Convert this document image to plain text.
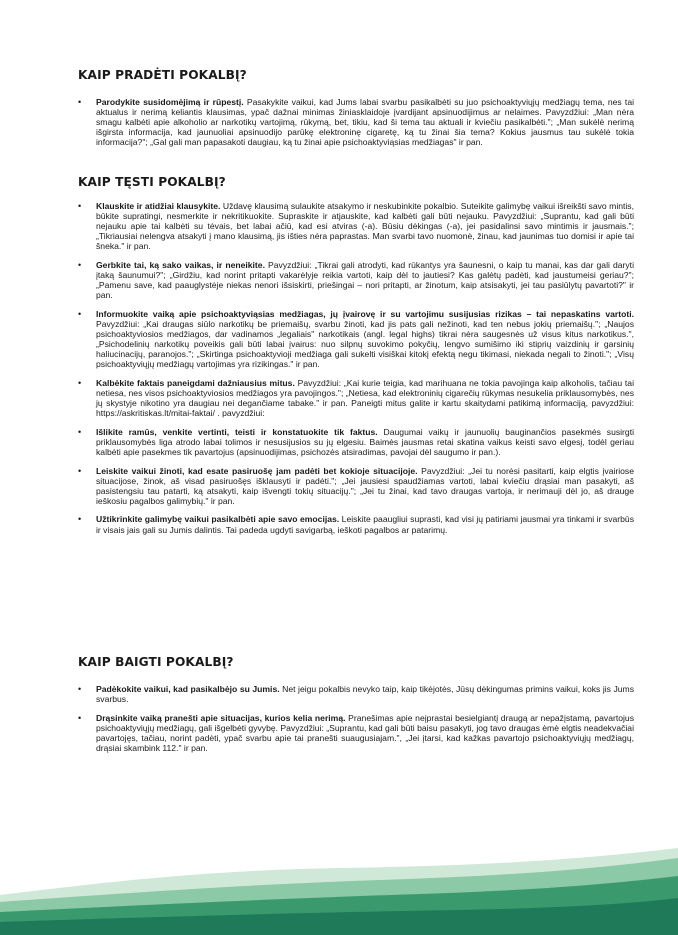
KAIP PRADĖTI POKALBĮ?
• Parodykite susidomėjimą ir rūpestį. Pasakykite vaikui, kad Jums labai svarbu pasikalbėti su juo psichoaktyviųjų medžiagų tema, nes tai aktualus ir nerimą keliantis klausimas, ypač dažnai minimas žiniasklaidoje įvardijant apsinuodijimus ar nelaimes. Pavyzdžiui: „Man nėra smagu kalbėti apie alkoholio ar narkotikų vartojimą, rūkymą, bet, tikiu, kad ši tema tau aktuali ir kviečiu pasikalbėti."; „Man sukėlė nerimą išgirsta informacija, kad jaunuoliai apsinuodijo parūkę elektroninę cigaretę, ką tu žinai šia tema? Kokius jausmus tau sukėlė tokia informacija?"; „Gal gali man papasakoti daugiau, ką tu žinai apie psichoaktyviąsias medžiagas" ir pan.
KAIP TĘSTI POKALBĮ?
• Klauskite ir atidžiai klausykite. Uždavę klausimą sulaukite atsakymo ir neskubinkite pokalbio. Suteikite galimybę vaikui išreikšti savo mintis, būkite supratingi, nesmerkite ir nekritikuokite. Supraskite ir atjauskite, kad kalbėti gali būti nejauku. Pavyzdžiui: „Suprantu, kad gali būti nejauku apie tai kalbėti su tėvais, bet labai ačiū, kad esi atviras (-a). Būsiu dėkingas (-a), jei pasidalinsi savo mintimis ir jausmais."; „Tikriausiai nelengva atsakyti į mano klausimą, jis išties nėra paprastas. Man svarbi tavo nuomonė, žinau, kad jaunimas tuo domisi ir apie tai šneka." ir pan.
• Gerbkite tai, ką sako vaikas, ir neneikite. Pavyzdžiui: „Tikrai gali atrodyti, kad rūkantys yra šaunesni, o kaip tu manai, kas dar gali daryti įtaką šaunumui?"; „Girdžiu, kad norint pritapti vakarėlyje reikia vartoti, kaip dėl to jautiesi? Kas galėtų padėti, kad jaustumeisi geriau?"; „Pamenu save, kad paauglystėje niekas nenori išsiskirti, priešingai – nori pritapti, ar žinotum, kaip atsisakyti, jei tau pasiūlytų pavartoti?" ir pan.
• Informuokite vaiką apie psichoaktyviąsias medžiagas, jų įvairovę ir su vartojimu susijusias rizikas – tai nepaskatins vartoti. Pavyzdžiui: „Kai draugas siūlo narkotikų be priemaišų, svarbu žinoti, kad jis pats gali nežinoti, kad ten nebus jokių priemaišų."; „Naujos psichoaktyviosios medžiagos, dar vadinamos „legaliais" narkotikais (angl. legal highs) tikrai nėra saugesnės už visus kitus narkotikus.", „Psichodelinių narkotikų poveikis gali būti labai įvairus: nuo silpnų suvokimo pokyčių, lengvo sumišimo iki stiprių vaizdinių ir garsinių haliucinacijų, paranojos."; „Skirtinga psichoaktyvioji medžiaga gali sukelti visiškai kitokį efektą negu tikimasi, niekada negali to žinoti."; „Visų psichoaktyviųjų medžiagų vartojimas yra rizikingas." ir pan.
• Kalbėkite faktais paneigdami dažniausius mitus. Pavyzdžiui: „Kai kurie teigia, kad marihuana ne tokia pavojinga kaip alkoholis, tačiau tai netiesa, nes visos psichoaktyviosios medžiagos yra pavojingos."; „Netiesa, kad elektroninių cigarečių rūkymas nesukelia priklausomybės, nes jų skystyje nikotino yra daugiau nei degančiame tabake." ir pan. Paneigti mitus galite ir kartu skaitydami patikimą informaciją, pavyzdžiui: https://askritiskas.lt/mitai-faktai/ . pavyzdžiui:
• Išlikite ramūs, venkite vertinti, teisti ir konstatuokite tik faktus. Daugumai vaikų ir jaunuolių bauginančios pasekmės susirgti priklausomybės liga atrodo labai tolimos ir nesusijusios su jų elgesiu. Baimės jausmas retai skatina vaikus keisti savo elgesį, todėl geriau kalbėti apie pasekmes tik pavartojus (apsinuodijimas, psichozės atsiradimas, pavojai dėl saugumo ir pan.).
• Leiskite vaikui žinoti, kad esate pasiruošę jam padėti bet kokioje situacijoje. Pavyzdžiui: „Jei tu norėsi pasitarti, kaip elgtis įvairiose situacijose, žinok, aš visad pasiruošęs išklausyti ir padėti."; „Jei jausiesi spaudžiamas vartoti, labai kviečiu drąsiai man pasakyti, aš pasistengsiu tau patarti, ką atsakyti, kaip išvengti tokių situacijų."; „Jei tu žinai, kad tavo draugas vartoja, ir nerimauji dėl jo, aš drauge ieškosiu pagalbos galimybių." ir pan.
• Užtikrinkite galimybę vaikui pasikalbėti apie savo emocijas. Leiskite paaugliui suprasti, kad visi jų patiriami jausmai yra tinkami ir svarbūs ir visais jais gali su Jumis dalintis. Tai padeda ugdyti savigarbą, ieškoti pagalbos ar patarimų.
KAIP BAIGTI POKALBĮ?
• Padėkokite vaikui, kad pasikalbėjo su Jumis. Net jeigu pokalbis nevyko taip, kaip tikėjotės, Jūsų dėkingumas primins vaikui, koks jis Jums svarbus.
• Drąsinkite vaiką pranešti apie situacijas, kurios kelia nerimą. Pranešimas apie neįprastai besielgiantį draugą ar nepažįstamą, pavartojus psichoaktyviųjų medžiagų, gali išgelbėti gyvybę. Pavyzdžiui: „Suprantu, kad gali būti baisu pasakyti, jog tavo draugas ėmė elgtis neadekvačiai pavartojęs, tačiau, norint padėti, ypač svarbu apie tai pranešti suaugusiajam.", „Jei įtarsi, kad kažkas pavartojo psichoaktyviųjų medžiagų, drąsiai skambink 112." ir pan.
